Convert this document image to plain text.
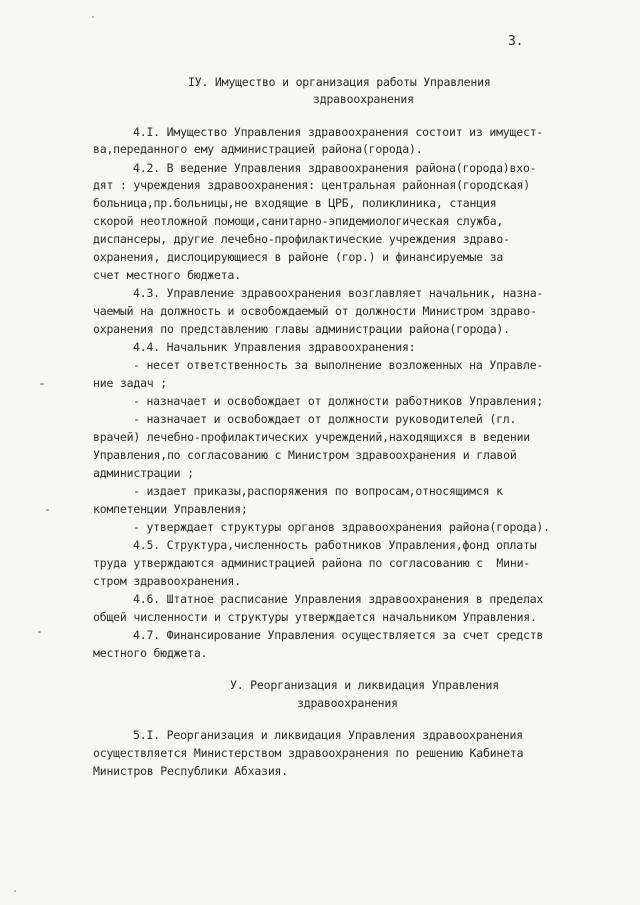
3.
IУ. Имущество и организация работы Управления
здравоохранения
4.I. Имущество Управления здравоохранения состоит из имущест-
ва,переданного ему администрацией района(города).
4.2. В ведение Управления здравоохранения района(города)вхо-
дят : учреждения здравоохранения: центральная районная(городская)
больница,пр.больницы,не входящие в ЦРБ, поликлиника, станция
скорой неотложной помощи,санитарно-эпидемиологическая служба,
диспансеры, другие лечебно-профилактические учреждения здраво-
охранения, дислоцирующиеся в районе (гор.) и финансируемые за
счет местного бюджета.
4.3. Управление здравоохранения возглавляет начальник, назна-
чаемый на должность и освобождаемый от должности Министром здраво-
охранения по представлению главы администрации района(города).
4.4. Начальник Управления здравоохранения:
- несет ответственность за выполнение возложенных на Управле-
ние задач ;
- назначает и освобождает от должности работников Управления;
- назначает и освобождает от должности руководителей (гл.
врачей) лечебно-профилактических учреждений,находящихся в ведении
Управления,по согласованию с Министром здравоохранения и главой
администрации ;
- издает приказы,распоряжения по вопросам,относящимся к
компетенции Управления;
- утверждает структуры органов здравоохранения района(города).
4.5. Структура,численность работников Управления,фонд оплаты
труда утверждаются администрацией района по согласованию с  Мини-
стром здравоохранения.
4.6. Штатное расписание Управления здравоохранения в пределах
общей численности и структуры утверждается начальником Управления.
4.7. Финансирование Управления осуществляется за счет средств
местного бюджета.
У. Реорганизация и ликвидация Управления
здравоохранения
5.I. Реорганизация и ликвидация Управления здравоохранения
осуществляется Министерством здравоохранения по решению Кабинета
Министров Республики Абхазия.
